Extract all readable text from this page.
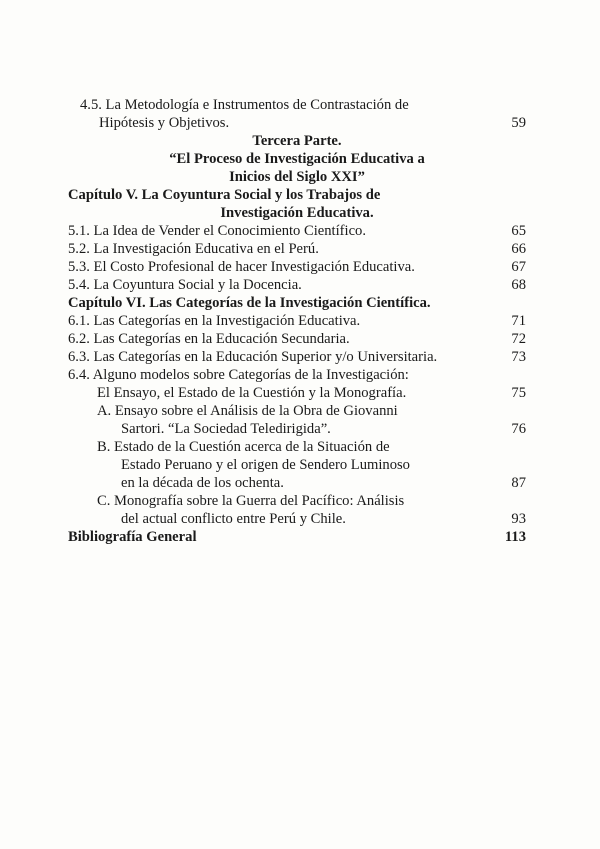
4.5. La Metodología e Instrumentos de Contrastación de
Hipótesis y Objetivos.	59
Tercera Parte.
“El Proceso de Investigación Educativa a
Inicios del Siglo XXI”
Capítulo V. La Coyuntura Social y los Trabajos de
Investigación Educativa.
5.1. La Idea de Vender el Conocimiento Científico.	65
5.2. La Investigación Educativa en el Perú.	66
5.3. El Costo Profesional de hacer Investigación Educativa.	67
5.4. La Coyuntura Social y la Docencia.	68
Capítulo VI. Las Categorías de la Investigación Científica.
6.1. Las Categorías en la Investigación Educativa.	71
6.2. Las Categorías en la Educación Secundaria.	72
6.3. Las Categorías en la Educación Superior y/o Universitaria.	73
6.4. Alguno modelos sobre Categorías de la Investigación:
El Ensayo, el Estado de la Cuestión y la Monografía.	75
A. Ensayo sobre el Análisis de la Obra de Giovanni
Sartori. “La Sociedad Teledirigida”.	76
B. Estado de la Cuestión acerca de la Situación de
Estado Peruano y el origen de Sendero Luminoso
en la década de los ochenta.	87
C. Monografía sobre la Guerra del Pacífico: Análisis
del actual conflicto entre Perú y Chile.	93
Bibliografía General	113
